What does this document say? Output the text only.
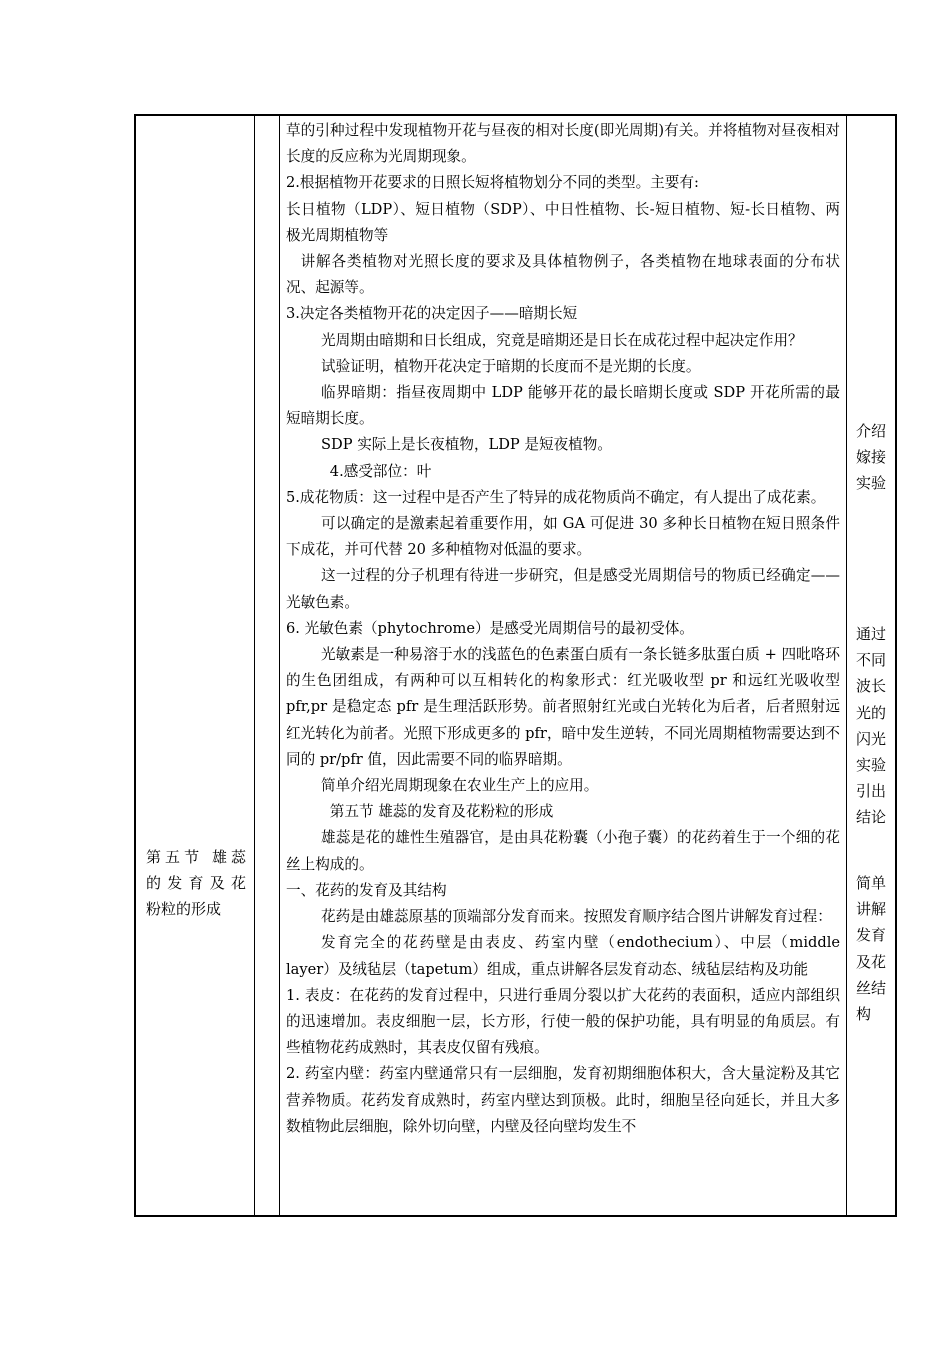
第五节 雄蕊
的发育及花
粉粒的形成

草的引种过程中发现植物开花与昼夜的相对长度(即光周期)有关。并将植物对昼夜相对长度的反应称为光周期现象。

2.根据植物开花要求的日照长短将植物划分不同的类型。主要有:

长日植物（LDP）、短日植物（SDP）、中日性植物、长-短日植物、短-长日植物、两极光周期植物等

讲解各类植物对光照长度的要求及具体植物例子，各类植物在地球表面的分布状况、起源等。

3.决定各类植物开花的决定因子——暗期长短

光周期由暗期和日长组成，究竟是暗期还是日长在成花过程中起决定作用？

试验证明，植物开花决定于暗期的长度而不是光期的长度。

临界暗期：指昼夜周期中 LDP 能够开花的最长暗期长度或 SDP 开花所需的最短暗期长度。

SDP 实际上是长夜植物，LDP 是短夜植物。

4.感受部位：叶

5.成花物质：这一过程中是否产生了特异的成花物质尚不确定，有人提出了成花素。

可以确定的是激素起着重要作用，如 GA 可促进 30 多种长日植物在短日照条件下成花，并可代替 20 多种植物对低温的要求。

这一过程的分子机理有待进一步研究，但是感受光周期信号的物质已经确定——光敏色素。

6. 光敏色素（phytochrome）是感受光周期信号的最初受体。

光敏素是一种易溶于水的浅蓝色的色素蛋白质有一条长链多肽蛋白质 + 四吡咯环的生色团组成，有两种可以互相转化的构象形式：红光吸收型 pr 和远红光吸收型 pfr,pr 是稳定态 pfr 是生理活跃形势。前者照射红光或白光转化为后者，后者照射远红光转化为前者。光照下形成更多的 pfr，暗中发生逆转，不同光周期植物需要达到不同的 pr/pfr 值，因此需要不同的临界暗期。

简单介绍光周期现象在农业生产上的应用。

第五节 雄蕊的发育及花粉粒的形成

雄蕊是花的雄性生殖器官，是由具花粉囊（小孢子囊）的花药着生于一个细的花丝上构成的。

一、花药的发育及其结构

花药是由雄蕊原基的顶端部分发育而来。按照发育顺序结合图片讲解发育过程：

发育完全的花药壁是由表皮、药室内壁（endothecium）、中层（middle layer）及绒毡层（tapetum）组成，重点讲解各层发育动态、绒毡层结构及功能

1. 表皮：在花药的发育过程中，只进行垂周分裂以扩大花药的表面积，适应内部组织的迅速增加。表皮细胞一层，长方形，行使一般的保护功能，具有明显的角质层。有些植物花药成熟时，其表皮仅留有残痕。

2. 药室内壁：药室内壁通常只有一层细胞，发育初期细胞体积大，含大量淀粉及其它营养物质。花药发育成熟时，药室内壁达到顶极。此时，细胞呈径向延长，并且大多数植物此层细胞，除外切向壁，内壁及径向壁均发生不

介绍
嫁接
实验
通过
不同
波长
光的
闪光
实验
引出
结论
简单
讲解
发育
及花
丝结
构
